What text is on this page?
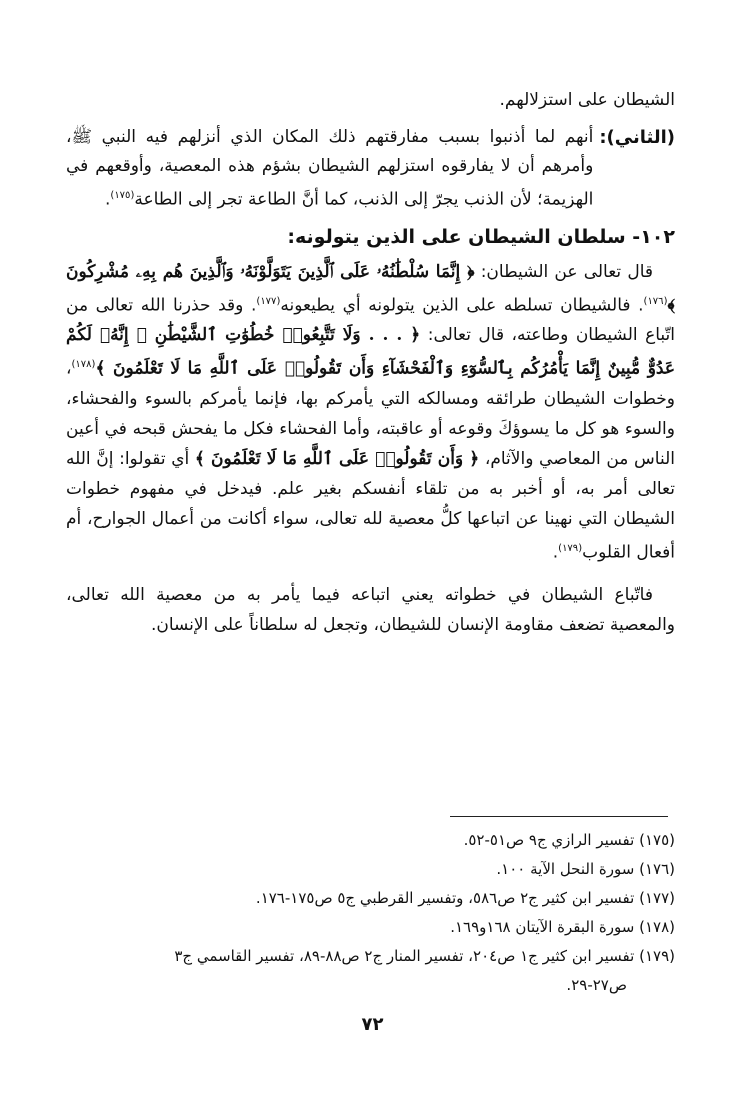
الشيطان على استزلالهم.

(الثاني):
أنهم لما أذنبوا بسبب مفارقتهم ذلك المكان الذي أنزلهم فيه النبي ﷺ، وأمرهم أن لا يفارقوه استزلهم الشيطان بشؤم هذه المعصية، وأوقعهم في الهزيمة؛ لأن الذنب يجرّ إلى الذنب، كما أنَّ الطاعة تجر إلى الطاعة$^{(١٧٥)}$.
١٠٢- سلطان الشيطان على الذين يتولونه:

قال تعالى عن الشيطان: ﴿ إِنَّمَا سُلْطَٰنُهُۥ عَلَى ٱلَّذِينَ يَتَوَلَّوْنَهُۥ وَٱلَّذِينَ هُم بِهِۦ مُشْرِكُونَ ﴾$^{(١٧٦)}$. فالشيطان تسلطه على الذين يتولونه أي يطيعونه$^{(١٧٧)}$. وقد حذرنا الله تعالى من اتّباع الشيطان وطاعته، قال تعالى: ﴿ . . . وَلَا تَتَّبِعُوا۟ خُطُوَٰتِ ٱلشَّيْطَٰنِ ۚ إِنَّهُۥ لَكُمْ عَدُوٌّ مُّبِينٌ إِنَّمَا يَأْمُرُكُم بِٱلسُّوٓءِ وَٱلْفَحْشَآءِ وَأَن تَقُولُوا۟ عَلَى ٱللَّهِ مَا لَا تَعْلَمُونَ ﴾$^{(١٧٨)}$، وخطوات الشيطان طرائقه ومسالكه التي يأمركم بها، فإنما يأمركم بالسوء والفحشاء، والسوء هو كل ما يسوؤكَ وقوعه أو عاقبته، وأما الفحشاء فكل ما يفحش قبحه في أعين الناس من المعاصي والآثام، ﴿ وَأَن تَقُولُوا۟ عَلَى ٱللَّهِ مَا لَا تَعْلَمُونَ ﴾ أي تقولوا: إنَّ الله تعالى أمر به، أو أخبر به من تلقاء أنفسكم بغير علم. فيدخل في مفهوم خطوات الشيطان التي نهينا عن اتباعها كلُّ معصية لله تعالى، سواء أكانت من أعمال الجوارح، أم أفعال القلوب$^{(١٧٩)}$.

فاتّباع الشيطان في خطواته يعني اتباعه فيما يأمر به من معصية الله تعالى، والمعصية تضعف مقاومة الإنسان للشيطان، وتجعل له سلطاناً على الإنسان.

(١٧٥) تفسير الرازي ج٩ ص٥١-٥٢.

(١٧٦) سورة النحل الآية ١٠٠.

(١٧٧) تفسير ابن كثير ج٢ ص٥٨٦، وتفسير القرطبي ج٥ ص١٧٥-١٧٦.

(١٧٨) سورة البقرة الآيتان ١٦٨و١٦٩.

(١٧٩) تفسير ابن كثير ج١ ص٢٠٤، تفسير المنار ج٢ ص٨٨-٨٩، تفسير القاسمي ج٣

ص٢٧-٢٩.

٧٢
